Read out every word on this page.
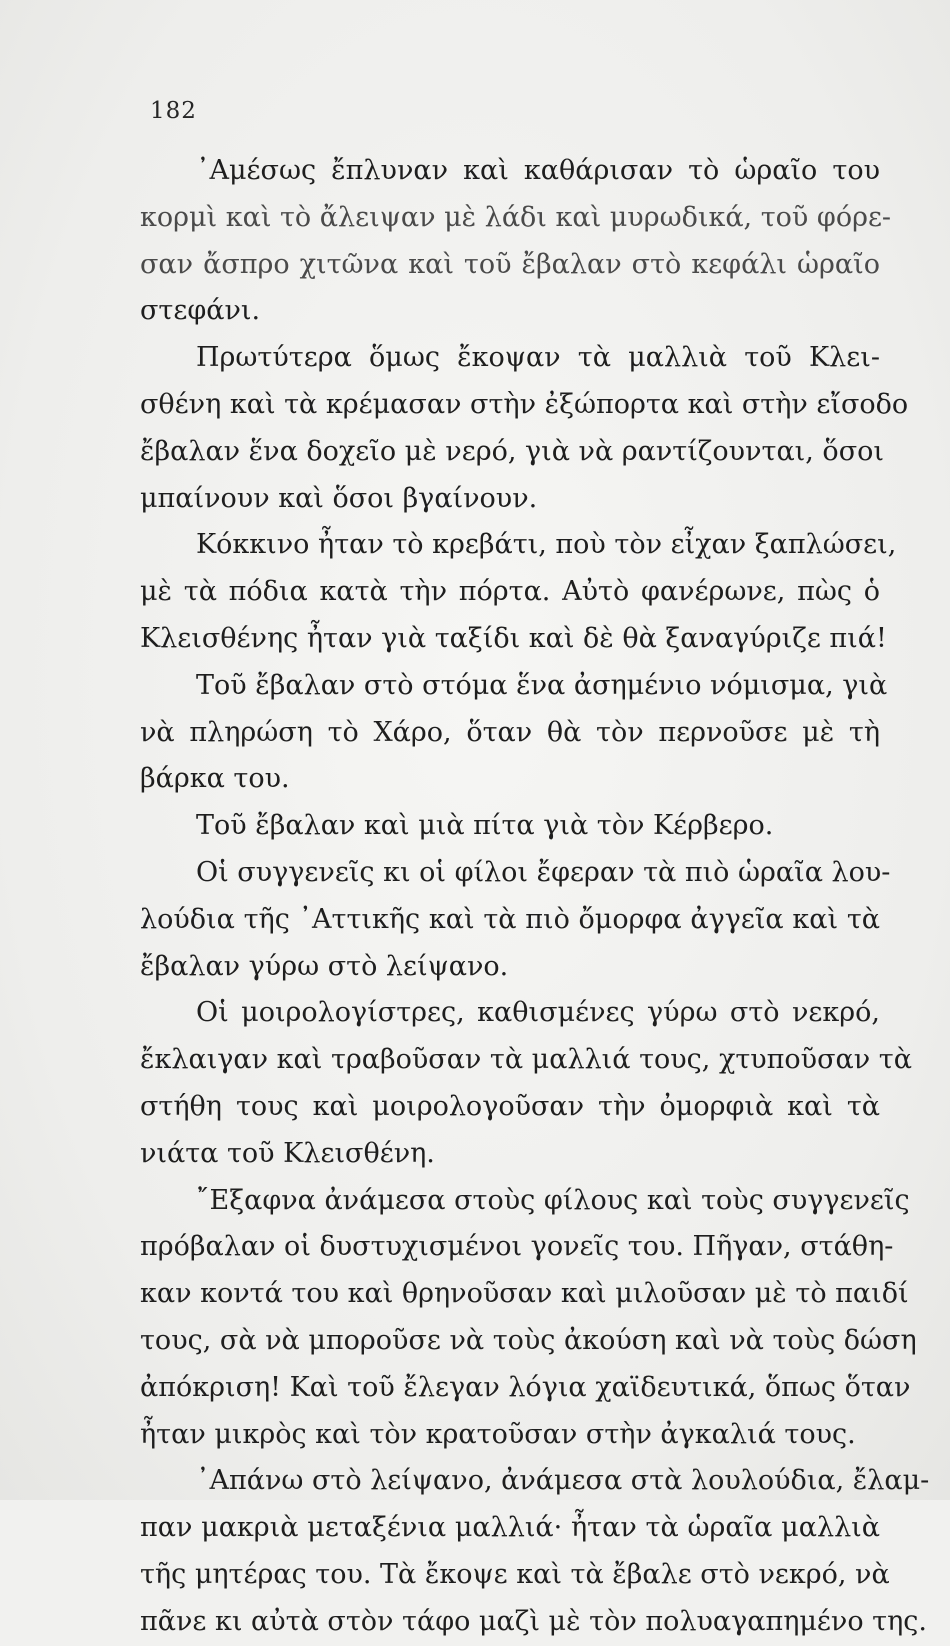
182
᾿Αμέσως ἔπλυναν καὶ καθάρισαν τὸ ὡραῖο του
κορμὶ καὶ τὸ ἄλειψαν μὲ λάδι καὶ μυρωδικά, τοῦ φόρε-
σαν ἄσπρο χιτῶνα καὶ τοῦ ἔβαλαν στὸ κεφάλι ὡραῖο
στεφάνι.
Πρωτύτερα ὅμως ἔκοψαν τὰ μαλλιὰ τοῦ Κλει-
σθένη καὶ τὰ κρέμασαν στὴν ἐξώπορτα καὶ στὴν εἴσοδο
ἔβαλαν ἕνα δοχεῖο μὲ νερό, γιὰ νὰ ραντίζουνται, ὅσοι
μπαίνουν καὶ ὅσοι βγαίνουν.
Κόκκινο ἦταν τὸ κρεβάτι, ποὺ τὸν εἶχαν ξαπλώσει,
μὲ τὰ πόδια κατὰ τὴν πόρτα. Αὐτὸ φανέρωνε, πὼς ὁ
Κλεισθένης ἦταν γιὰ ταξίδι καὶ δὲ θὰ ξαναγύριζε πιά!
Τοῦ ἔβαλαν στὸ στόμα ἕνα ἀσημένιο νόμισμα, γιὰ
νὰ πληρώση τὸ Χάρο, ὅταν θὰ τὸν περνοῦσε μὲ τὴ
βάρκα του.
Τοῦ ἔβαλαν καὶ μιὰ πίτα γιὰ τὸν Κέρβερο.
Οἱ συγγενεῖς κι οἱ φίλοι ἔφεραν τὰ πιὸ ὡραῖα λου-
λούδια τῆς ᾿Αττικῆς καὶ τὰ πιὸ ὄμορφα ἀγγεῖα καὶ τὰ
ἔβαλαν γύρω στὸ λείψανο.
Οἱ μοιρολογίστρες, καθισμένες γύρω στὸ νεκρό,
ἔκλαιγαν καὶ τραβοῦσαν τὰ μαλλιά τους, χτυποῦσαν τὰ
στήθη τους καὶ μοιρολογοῦσαν τὴν ὀμορφιὰ καὶ τὰ
νιάτα τοῦ Κλεισθένη.
῎Εξαφνα ἀνάμεσα στοὺς φίλους καὶ τοὺς συγγενεῖς
πρόβαλαν οἱ δυστυχισμένοι γονεῖς του. Πῆγαν, στάθη-
καν κοντά του καὶ θρηνοῦσαν καὶ μιλοῦσαν μὲ τὸ παιδί
τους, σὰ νὰ μποροῦσε νὰ τοὺς ἀκούση καὶ νὰ τοὺς δώση
ἀπόκριση! Καὶ τοῦ ἔλεγαν λόγια χαϊδευτικά, ὅπως ὅταν
ἦταν μικρὸς καὶ τὸν κρατοῦσαν στὴν ἀγκαλιά τους.
᾿Απάνω στὸ λείψανο, ἀνάμεσα στὰ λουλούδια, ἔλαμ-
παν μακριὰ μεταξένια μαλλιά· ἦταν τὰ ὡραῖα μαλλιὰ
τῆς μητέρας του. Τὰ ἔκοψε καὶ τὰ ἔβαλε στὸ νεκρό, νὰ
πᾶνε κι αὐτὰ στὸν τάφο μαζὶ μὲ τὸν πολυαγαπημένο της.
